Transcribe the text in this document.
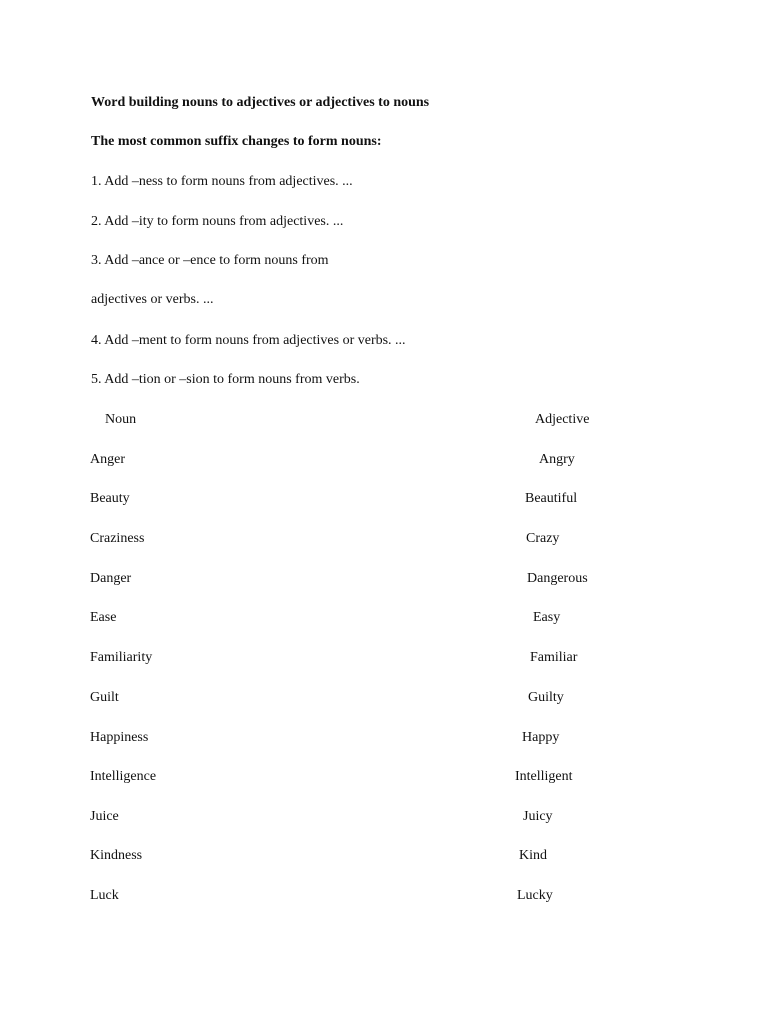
Word building nouns to adjectives or adjectives to nouns
The most common suffix changes to form nouns:
1. Add –ness to form nouns from adjectives. ...
2. Add –ity to form nouns from adjectives. ...
3. Add –ance or –ence to form nouns from
adjectives or verbs. ...
4. Add –ment to form nouns from adjectives or verbs. ...
5. Add –tion or –sion to form nouns from verbs.
Noun	Adjective
Anger	Angry
Beauty	Beautiful
Craziness	Crazy
Danger	Dangerous
Ease	Easy
Familiarity	Familiar
Guilt	Guilty
Happiness	Happy
Intelligence	Intelligent
Juice	Juicy
Kindness	Kind
Luck	Lucky
